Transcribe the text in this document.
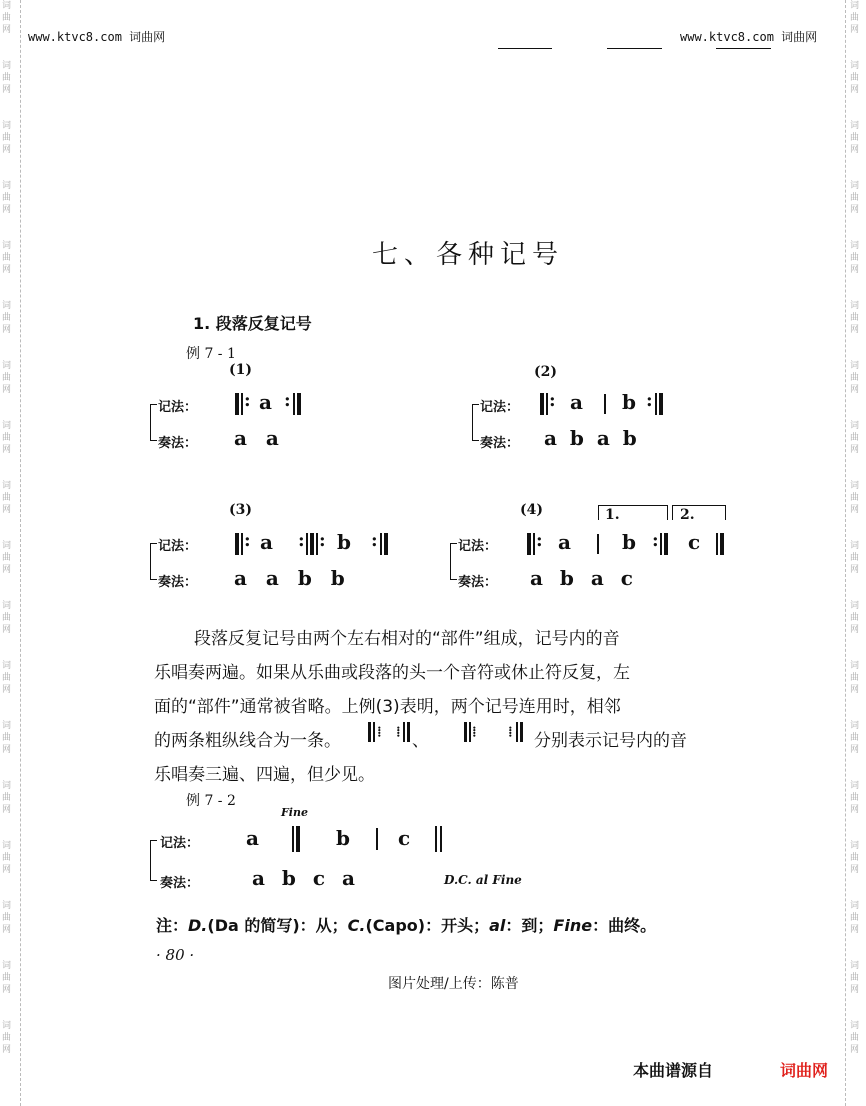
词
曲
网
词
曲
网
词
曲
网
词
曲
网
词
曲
网
词
曲
网
词
曲
网
词
曲
网
词
曲
网
词
曲
网
词
曲
网
词
曲
网
词
曲
网
词
曲
网
词
曲
网
词
曲
网
词
曲
网
词
曲
网
词
曲
网
词
曲
网
词
曲
网
词
曲
网
词
曲
网
词
曲
网
词
曲
网
词
曲
网
词
曲
网
词
曲
网
词
曲
网
词
曲
网
词
曲
网
词
曲
网
词
曲
网
词
曲
网
词
曲
网
词
曲
网
www.ktvc8.com 词曲网	www.ktvc8.com 词曲网
七、各种记号
1. 段落反复记号
例 7 - 1
(1)
记法：
奏法：
: a :
a a
(2)
记法：
奏法：
: a b :
a b a b
(3)
记法：
奏法：
: a : : b :
a a b b
(4)	1.	2.
记法：
奏法：
: a	b : c
a b a c
段落反复记号由两个左右相对的“部件”组成，记号内的音
乐唱奏两遍。如果从乐曲或段落的头一个音符或休止符反复，左
面的“部件”通常被省略。上例(3)表明，两个记号连用时，相邻
的两条粗纵线合为一条。	⁞ ⁞ 、	⁞ ⁞ 分别表示记号内的音
乐唱奏三遍、四遍，但少见。
例 7 - 2
Fine
记法：
奏法：
a	b c
a b c a	D.C. al Fine
注：D.(Da 的简写)：从；C.(Capo)：开头；al：到；Fine：曲终。
· 80 ·
图片处理/上传：陈普
本曲谱源自	词曲网
